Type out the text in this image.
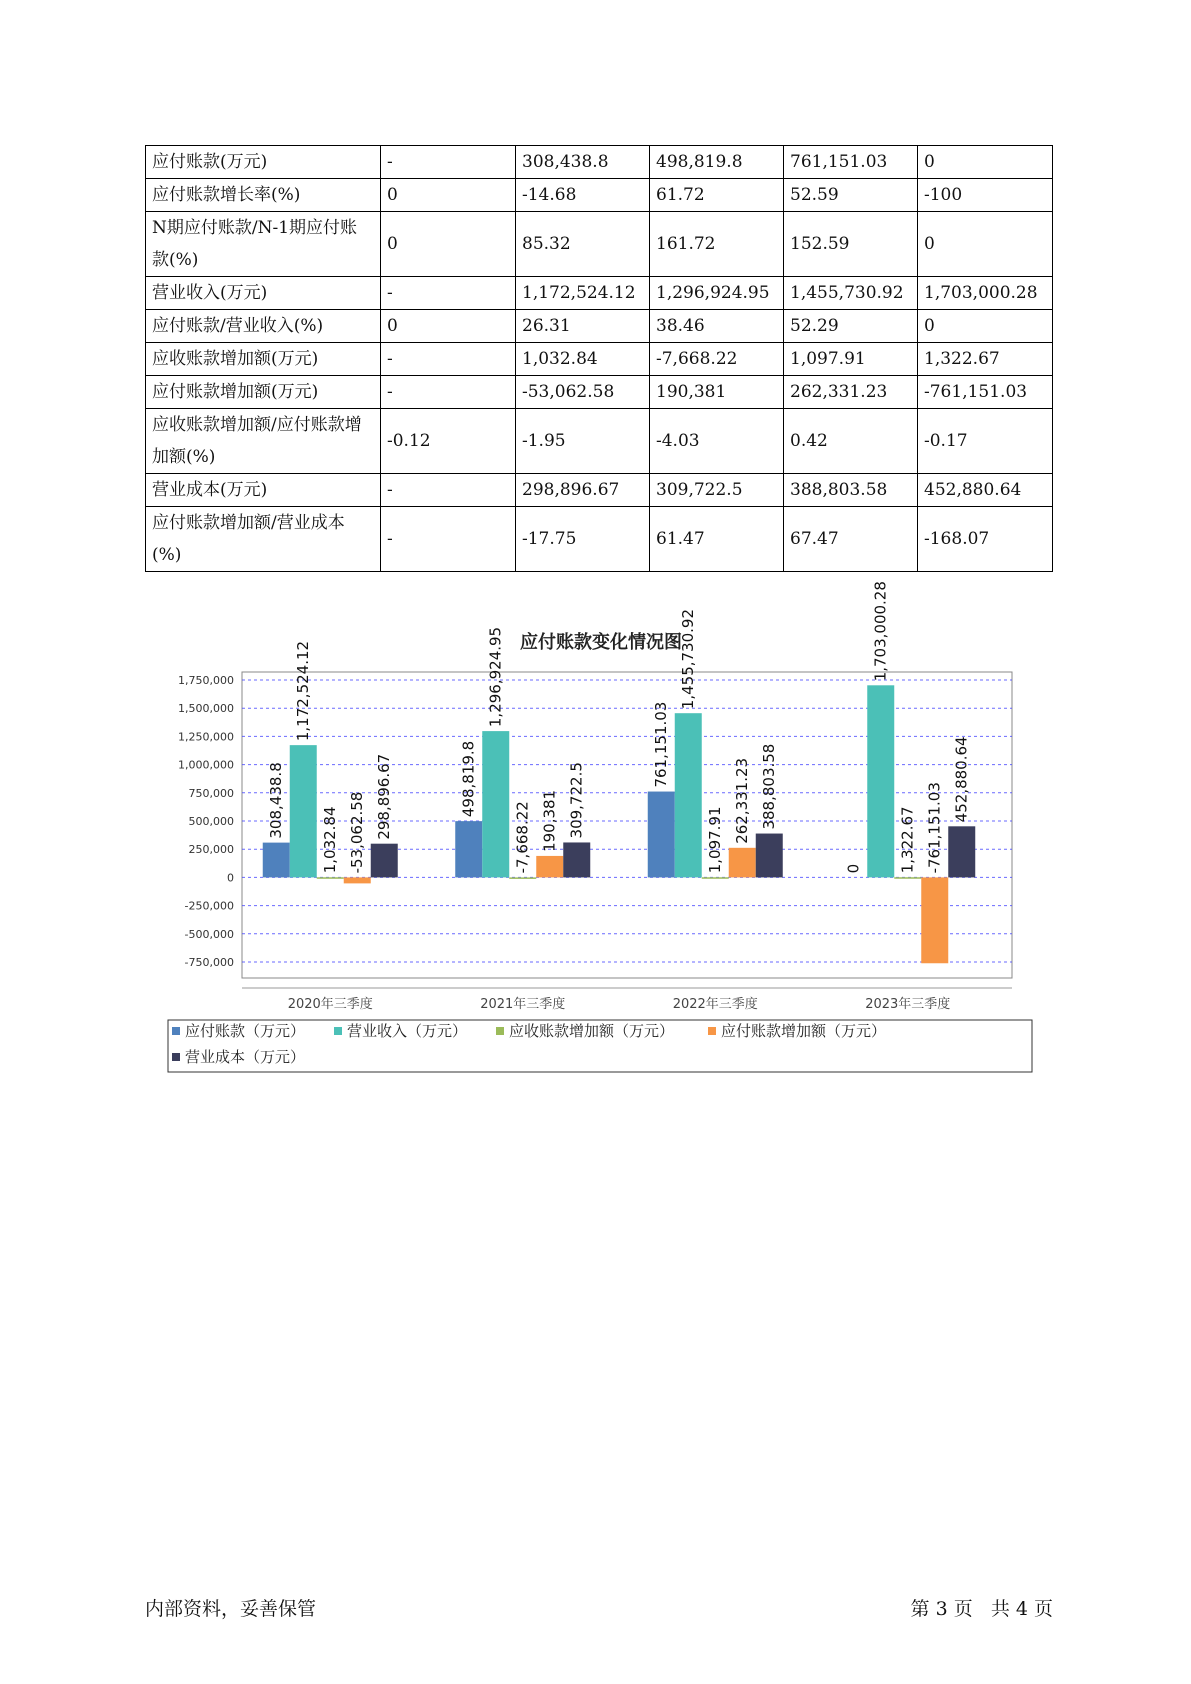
应付账款(万元)	-	308,438.8	498,819.8	761,151.03	0
应付账款增长率(%)	0	-14.68	61.72	52.59	-100
N期应付账款/N-1期应付账款(%)	0	85.32	161.72	152.59	0
营业收入(万元)	-	1,172,524.12	1,296,924.95	1,455,730.92	1,703,000.28
应付账款/营业收入(%)	0	26.31	38.46	52.29	0
应收账款增加额(万元)	-	1,032.84	-7,668.22	1,097.91	1,322.67
应付账款增加额(万元)	-	-53,062.58	190,381	262,331.23	-761,151.03
应收账款增加额/应付账款增加额(%)	-0.12	-1.95	-4.03	0.42	-0.17
营业成本(万元)	-	298,896.67	309,722.5	388,803.58	452,880.64
应付账款增加额/营业成本(%)	-	-17.75	61.47	67.47	-168.07
应付账款变化情况图
1,750,000
1,500,000
1,250,000
1,000,000
750,000
500,000
250,000
0
-250,000
-500,000
-750,000
2020年三季度
308,438.8
1,172,524.12
1,032.84 -53,062.58 298,896.67
2021年三季度
498,819.8
1,296,924.95
-7,668.22 190,381 309,722.5
2022年三季度
761,151.03
1,455,730.92
1,097.91 262,331.23 388,803.58
2023年三季度
0
1,703,000.28
1,322.67 -761,151.03
452,880.64
应付账款（万元）	营业收入（万元）	应收账款增加额（万元）	应付账款增加额（万元）
营业成本（万元）
内部资料，妥善保管	第 3 页   共 4 页
